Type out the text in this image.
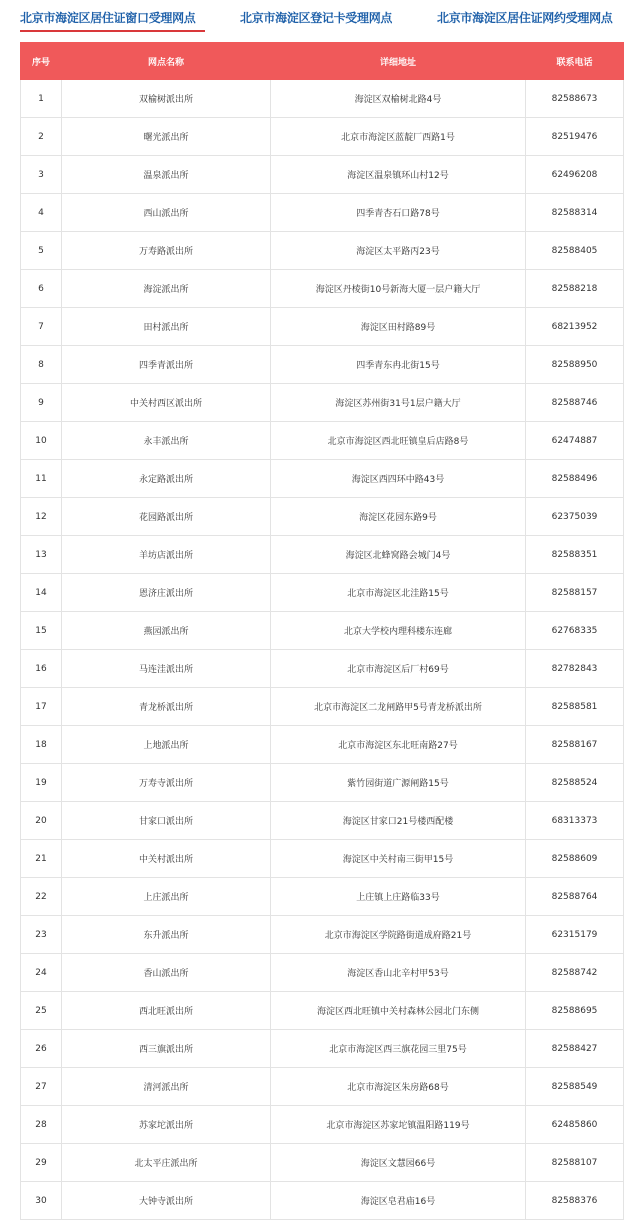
北京市海淀区居住证窗口受理网点	北京市海淀区登记卡受理网点	北京市海淀区居住证网约受理网点
序号	网点名称	详细地址	联系电话
1	双榆树派出所	海淀区双榆树北路4号	82588673
2	曙光派出所	北京市海淀区蓝靛厂西路1号	82519476
3	温泉派出所	海淀区温泉镇环山村12号	62496208
4	西山派出所	四季青杏石口路78号	82588314
5	万寿路派出所	海淀区太平路丙23号	82588405
6	海淀派出所	海淀区丹棱街10号新海大厦一层户籍大厅	82588218
7	田村派出所	海淀区田村路89号	68213952
8	四季青派出所	四季青东冉北街15号	82588950
9	中关村西区派出所	海淀区苏州街31号1层户籍大厅	82588746
10	永丰派出所	北京市海淀区西北旺镇皇后店路8号	62474887
11	永定路派出所	海淀区西四环中路43号	82588496
12	花园路派出所	海淀区花园东路9号	62375039
13	羊坊店派出所	海淀区北蜂窝路会城门4号	82588351
14	恩济庄派出所	北京市海淀区北洼路15号	82588157
15	燕园派出所	北京大学校内理科楼东连廊	62768335
16	马连洼派出所	北京市海淀区后厂村69号	82782843
17	青龙桥派出所	北京市海淀区二龙闸路甲5号青龙桥派出所	82588581
18	上地派出所	北京市海淀区东北旺南路27号	82588167
19	万寿寺派出所	紫竹园街道广源闸路15号	82588524
20	甘家口派出所	海淀区甘家口21号楼西配楼	68313373
21	中关村派出所	海淀区中关村南三街甲15号	82588609
22	上庄派出所	上庄镇上庄路临33号	82588764
23	东升派出所	北京市海淀区学院路街道成府路21号	62315179
24	香山派出所	海淀区香山北辛村甲53号	82588742
25	西北旺派出所	海淀区西北旺镇中关村森林公园北门东侧	82588695
26	西三旗派出所	北京市海淀区西三旗花园三里75号	82588427
27	清河派出所	北京市海淀区朱房路68号	82588549
28	苏家坨派出所	北京市海淀区苏家坨镇温阳路119号	62485860
29	北太平庄派出所	海淀区文慧园66号	82588107
30	大钟寺派出所	海淀区皂君庙16号	82588376
